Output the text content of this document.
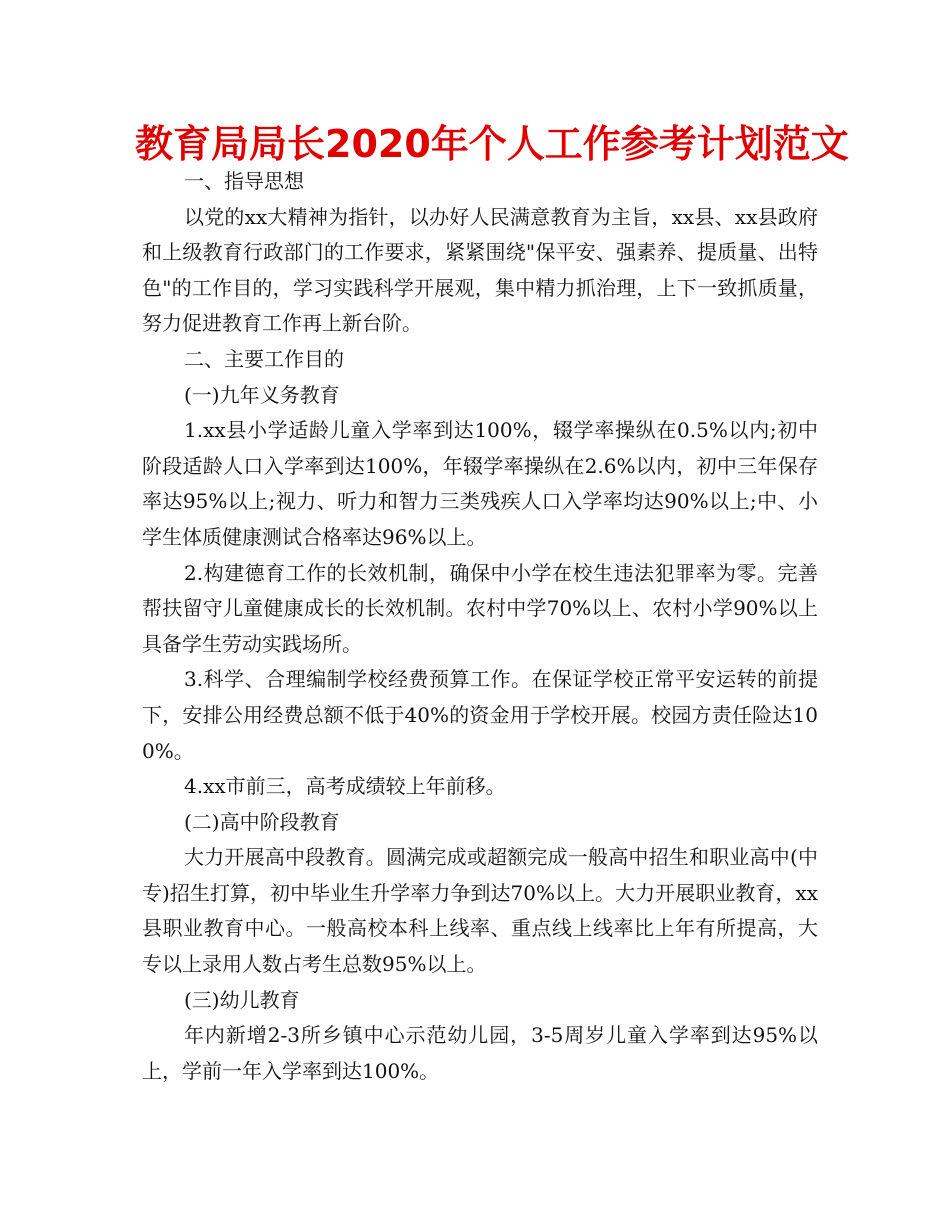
教育局局长2020年个人工作参考计划范文

一、指导思想

以党的xx大精神为指针，以办好人民满意教育为主旨，xx县、xx县政府和上级教育行政部门的工作要求，紧紧围绕"保平安、强素养、提质量、出特色"的工作目的，学习实践科学开展观，集中精力抓治理，上下一致抓质量，努力促进教育工作再上新台阶。

二、主要工作目的

(一)九年义务教育

1.xx县小学适龄儿童入学率到达100%，辍学率操纵在0.5%以内;初中阶段适龄人口入学率到达100%，年辍学率操纵在2.6%以内，初中三年保存率达95%以上;视力、听力和智力三类残疾人口入学率均达90%以上;中、小学生体质健康测试合格率达96%以上。

2.构建德育工作的长效机制，确保中小学在校生违法犯罪率为零。完善帮扶留守儿童健康成长的长效机制。农村中学70%以上、农村小学90%以上具备学生劳动实践场所。

3.科学、合理编制学校经费预算工作。在保证学校正常平安运转的前提下，安排公用经费总额不低于40%的资金用于学校开展。校园方责任险达100%。

4.xx市前三，高考成绩较上年前移。

(二)高中阶段教育

大力开展高中段教育。圆满完成或超额完成一般高中招生和职业高中(中专)招生打算，初中毕业生升学率力争到达70%以上。大力开展职业教育，xx县职业教育中心。一般高校本科上线率、重点线上线率比上年有所提高，大专以上录用人数占考生总数95%以上。

(三)幼儿教育

年内新增2-3所乡镇中心示范幼儿园，3-5周岁儿童入学率到达95%以上，学前一年入学率到达100%。
